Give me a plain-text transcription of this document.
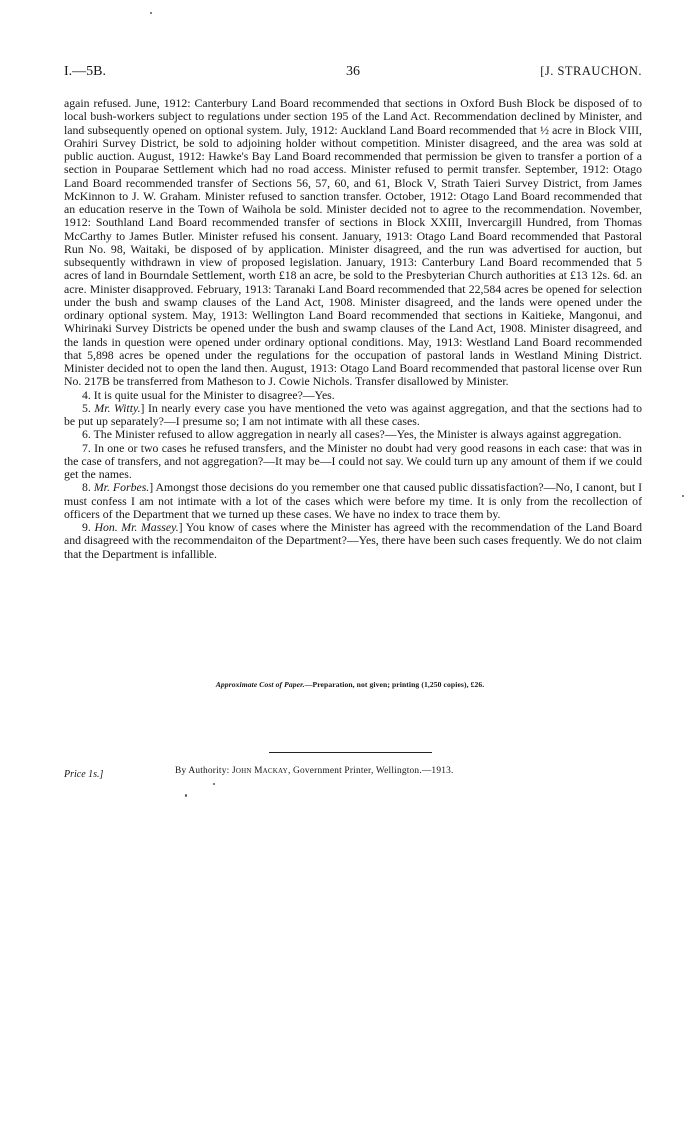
I.—5B.	36	[J. STRAUCHON.

again refused. June, 1912: Canterbury Land Board recommended that sections in Oxford Bush Block be disposed of to local bush-workers subject to regulations under section 195 of the Land Act. Recommendation declined by Minister, and land subsequently opened on optional system. July, 1912: Auckland Land Board recommended that ½ acre in Block VIII, Orahiri Survey District, be sold to adjoining holder without competition. Minister disagreed, and the area was sold at public auction. August, 1912: Hawke's Bay Land Board recommended that permission be given to transfer a portion of a section in Pouparae Settlement which had no road access. Minister refused to permit transfer. September, 1912: Otago Land Board recommended transfer of Sections 56, 57, 60, and 61, Block V, Strath Taieri Survey District, from James McKinnon to J. W. Graham. Minister refused to sanction transfer. October, 1912: Otago Land Board recommended that an education reserve in the Town of Waihola be sold. Minister decided not to agree to the recommendation. November, 1912: Southland Land Board recommended transfer of sections in Block XXIII, Invercargill Hundred, from Thomas McCarthy to James Butler. Minister refused his consent. January, 1913: Otago Land Board recommended that Pastoral Run No. 98, Waitaki, be disposed of by application. Minister disagreed, and the run was advertised for auction, but subsequently withdrawn in view of proposed legislation. January, 1913: Canterbury Land Board recommended that 5 acres of land in Bourndale Settlement, worth £18 an acre, be sold to the Presbyterian Church authorities at £13 12s. 6d. an acre. Minister disapproved. February, 1913: Taranaki Land Board recommended that 22,584 acres be opened for selection under the bush and swamp clauses of the Land Act, 1908. Minister disagreed, and the lands were opened under the ordinary optional system. May, 1913: Wellington Land Board recommended that sections in Kaitieke, Mangonui, and Whirinaki Survey Districts be opened under the bush and swamp clauses of the Land Act, 1908. Minister disagreed, and the lands in question were opened under ordinary optional conditions. May, 1913: Westland Land Board recommended that 5,898 acres be opened under the regulations for the occupation of pastoral lands in Westland Mining District. Minister decided not to open the land then. August, 1913: Otago Land Board recommended that pastoral license over Run No. 217B be transferred from Matheson to J. Cowie Nichols. Transfer disallowed by Minister.

4. It is quite usual for the Minister to disagree?—Yes.

5. Mr. Witty.] In nearly every case you have mentioned the veto was against aggregation, and that the sections had to be put up separately?—I presume so; I am not intimate with all these cases.

6. The Minister refused to allow aggregation in nearly all cases?—Yes, the Minister is always against aggregation.

7. In one or two cases he refused transfers, and the Minister no doubt had very good reasons in each case: that was in the case of transfers, and not aggregation?—It may be—I could not say. We could turn up any amount of them if we could get the names.

8. Mr. Forbes.] Amongst those decisions do you remember one that caused public dissatisfaction?—No, I canont, but I must confess I am not intimate with a lot of the cases which were before my time. It is only from the recollection of officers of the Department that we turned up these cases. We have no index to trace them by.

9. Hon. Mr. Massey.] You know of cases where the Minister has agreed with the recommendation of the Land Board and disagreed with the recommendaiton of the Department?—Yes, there have been such cases frequently. We do not claim that the Department is infallible.

Approximate Cost of Paper.—Preparation, not given; printing (1,250 copies), £26.
By Authority: John Mackay, Government Printer, Wellington.—1913.
Price 1s.]
